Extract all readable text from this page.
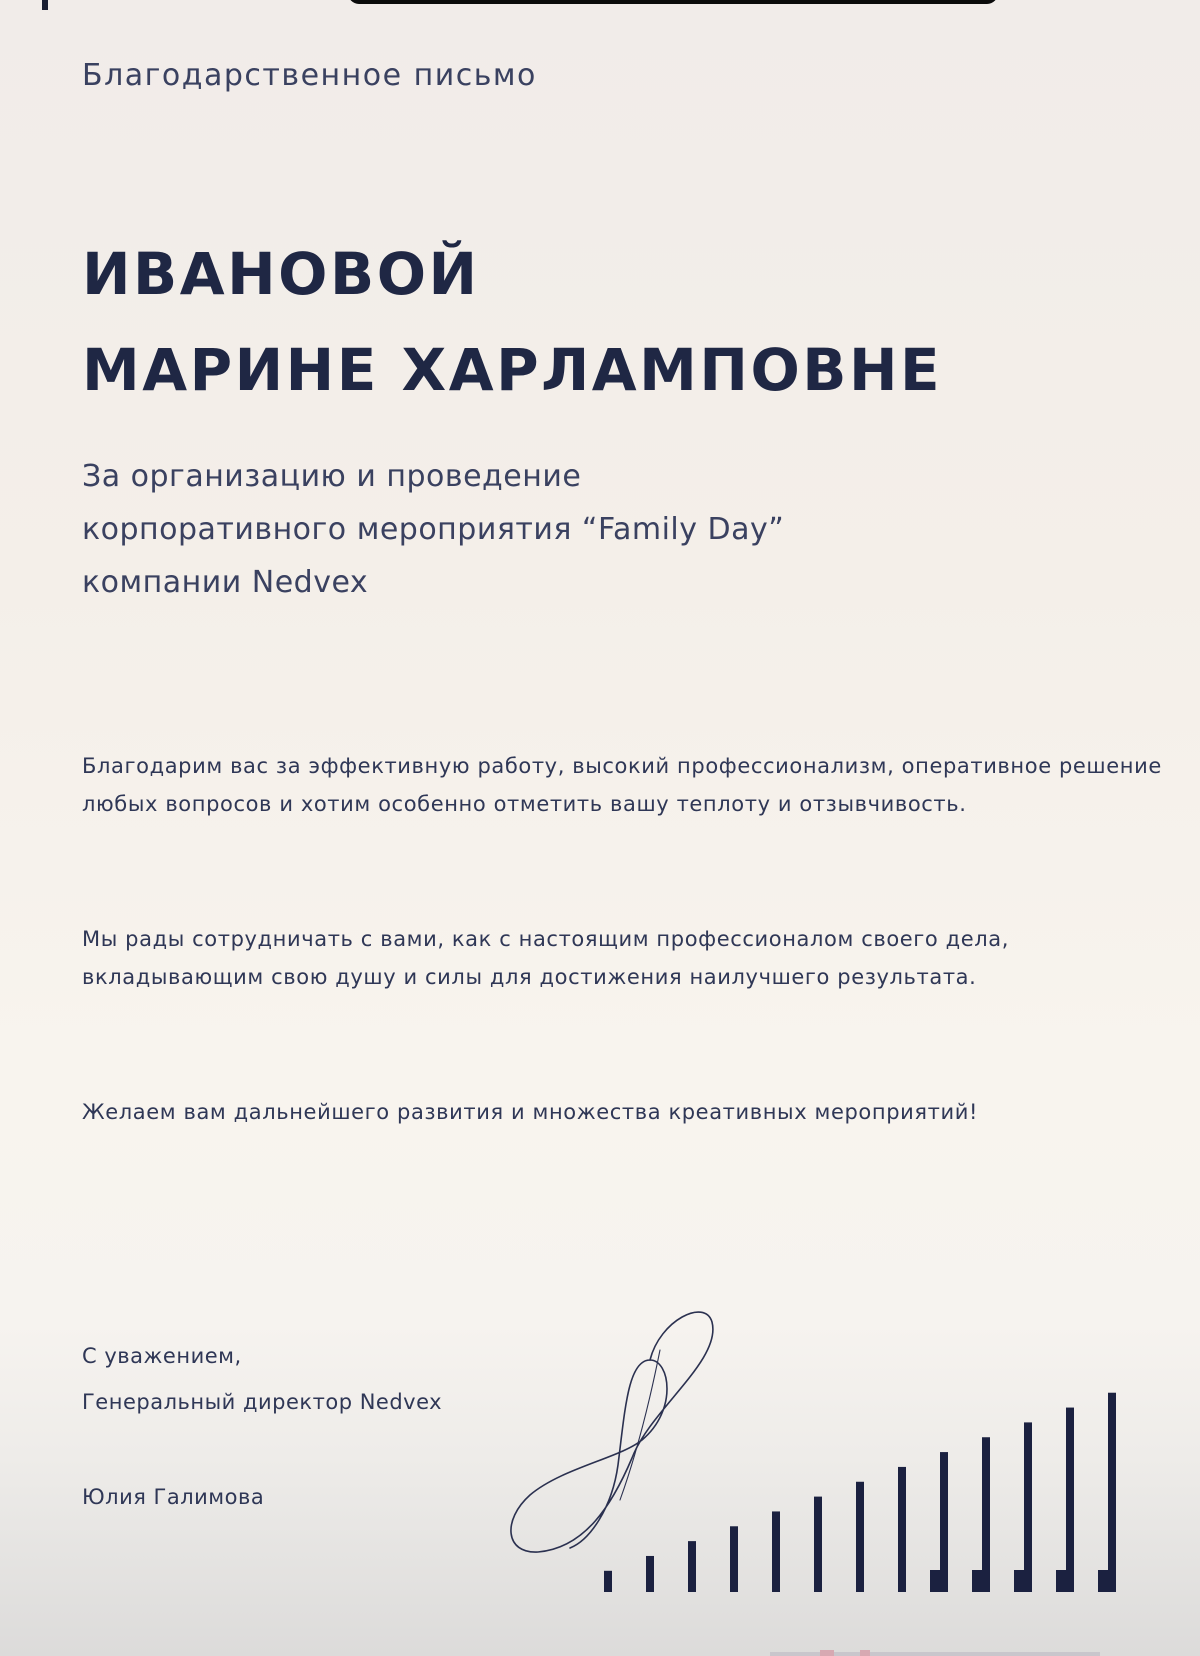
Благодарственное письмо
ИВАНОВОЙ
МАРИНЕ ХАРЛАМПОВНЕ
За организацию и проведение
корпоративного мероприятия “Family Day”
компании Nedvex

Благодарим вас за эффективную работу, высокий профессионализм, оперативное решение любых вопросов и хотим особенно отметить вашу теплоту и отзывчивость.

Мы рады сотрудничать с вами, как с настоящим профессионалом своего дела, вкладывающим свою душу и силы для достижения наилучшего результата.

Желаем вам дальнейшего развития и множества креативных мероприятий!

С уважением,
Генеральный директор Nedvex
Юлия Галимова
